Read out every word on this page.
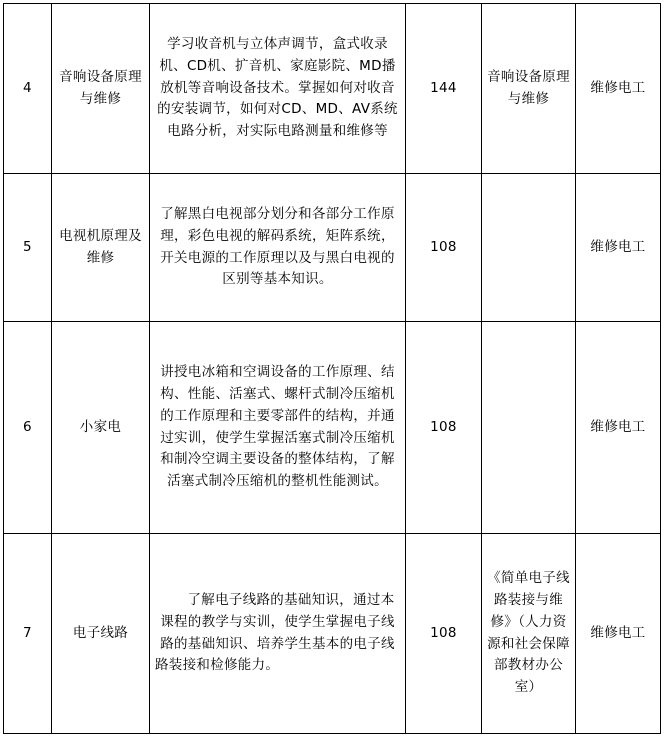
4	音响设备原理与维修	学习收音机与立体声调节，盒式收录机、CD机、扩音机、家庭影院、MD播放机等音响设备技术。掌握如何对收音的安装调节，如何对CD、MD、AV系统电路分析，对实际电路测量和维修等	144	音响设备原理与维修	维修电工
5	电视机原理及维修	了解黑白电视部分划分和各部分工作原理，彩色电视的解码系统，矩阵系统，开关电源的工作原理以及与黑白电视的区别等基本知识。	108		维修电工
6	小家电	讲授电冰箱和空调设备的工作原理、结构、性能、活塞式、螺杆式制冷压缩机的工作原理和主要零部件的结构，并通过实训，使学生掌握活塞式制冷压缩机和制冷空调主要设备的整体结构，了解活塞式制冷压缩机的整机性能测试。	108		维修电工
7	电子线路	了解电子线路的基础知识，通过本课程的教学与实训，使学生掌握电子线路的基础知识、培养学生基本的电子线路装接和检修能力。	108	《简单电子线路装接与维修》（人力资源和社会保障部教材办公室）	维修电工
